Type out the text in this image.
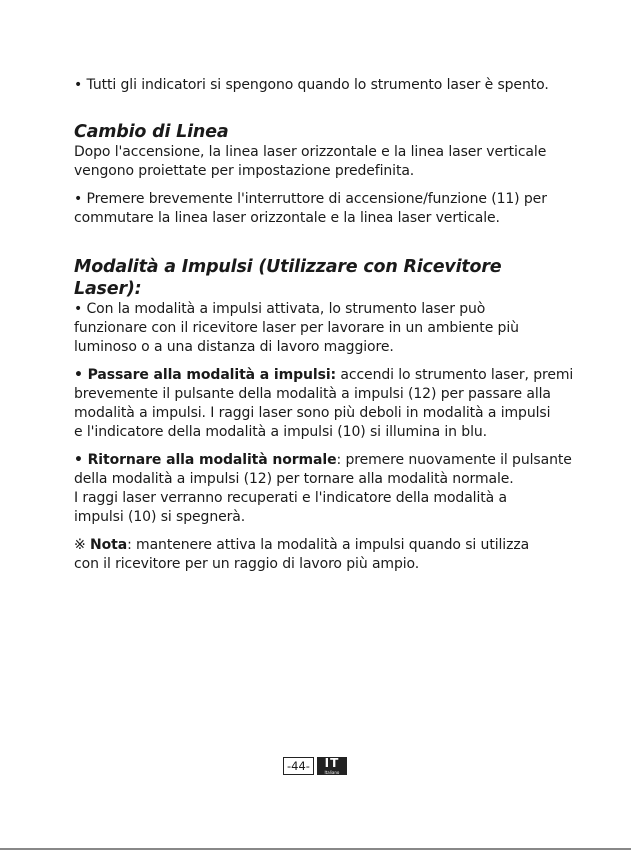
• Tutti gli indicatori si spengono quando lo strumento laser è spento.

Cambio di Linea

Dopo l'accensione, la linea laser orizzontale e la linea laser verticale
vengono proiettate per impostazione predefinita.

• Premere brevemente l'interruttore di accensione/funzione (11) per
commutare la linea laser orizzontale e la linea laser verticale.

Modalità a Impulsi (Utilizzare con Ricevitore Laser):

• Con la modalità a impulsi attivata, lo strumento laser può
funzionare con il ricevitore laser per lavorare in un ambiente più
luminoso o a una distanza di lavoro maggiore.

• Passare alla modalità a impulsi: accendi lo strumento laser, premi
brevemente il pulsante della modalità a impulsi (12) per passare alla
modalità a impulsi. I raggi laser sono più deboli in modalità a impulsi
e l'indicatore della modalità a impulsi (10) si illumina in blu.

• Ritornare alla modalità normale: premere nuovamente il pulsante
della modalità a impulsi (12) per tornare alla modalità normale.
I raggi laser verranno recuperati e l'indicatore della modalità a
impulsi (10) si spegnerà.

※ Nota: mantenere attiva la modalità a impulsi quando si utilizza
con il ricevitore per un raggio di lavoro più ampio.

-44-	IT
Italiano
